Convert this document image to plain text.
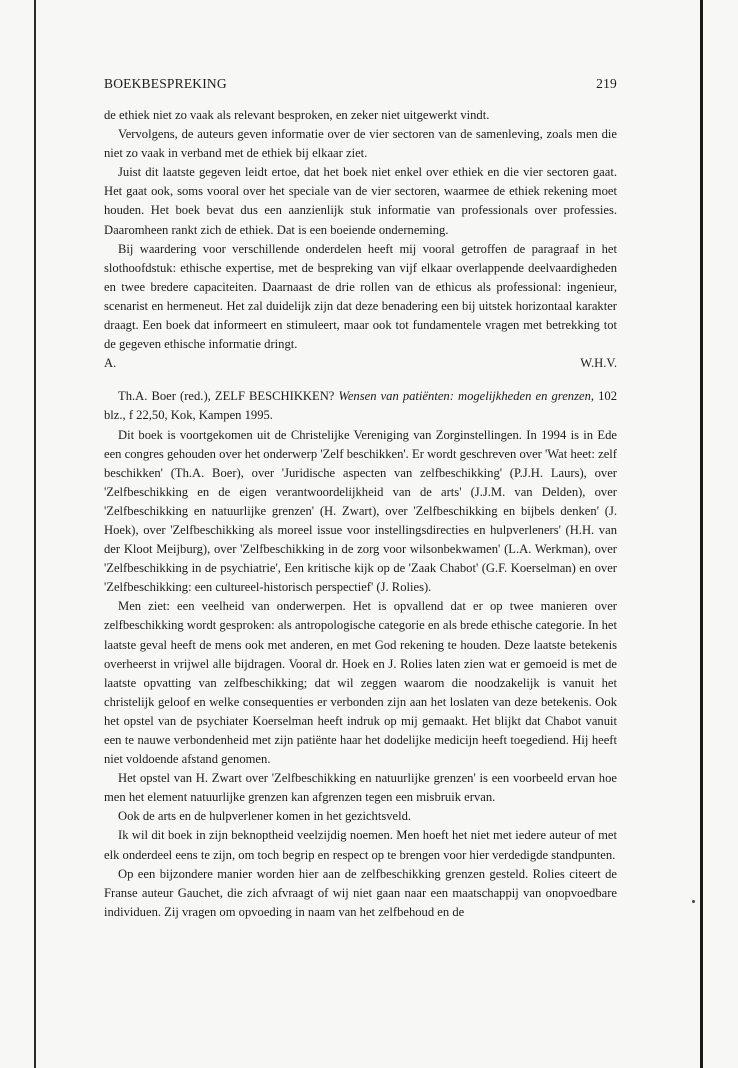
BOEKBESPREKING	219

de ethiek niet zo vaak als relevant besproken, en zeker niet uitgewerkt vindt.

Vervolgens, de auteurs geven informatie over de vier sectoren van de samenleving, zoals men die niet zo vaak in verband met de ethiek bij elkaar ziet.

Juist dit laatste gegeven leidt ertoe, dat het boek niet enkel over ethiek en die vier sectoren gaat. Het gaat ook, soms vooral over het speciale van de vier sectoren, waarmee de ethiek rekening moet houden. Het boek bevat dus een aanzienlijk stuk informatie van professionals over professies. Daaromheen rankt zich de ethiek. Dat is een boeiende onderneming.

Bij waardering voor verschillende onderdelen heeft mij vooral getroffen de paragraaf in het slothoofdstuk: ethische expertise, met de bespreking van vijf elkaar overlappende deelvaardigheden en twee bredere capaciteiten. Daarnaast de drie rollen van de ethicus als professional: ingenieur, scenarist en hermeneut. Het zal duidelijk zijn dat deze benadering een bij uitstek horizontaal karakter draagt. Een boek dat informeert en stimuleert, maar ook tot fundamentele vragen met betrekking tot de gegeven ethische informatie dringt.

A.	W.H.V.

Th.A. Boer (red.), ZELF BESCHIKKEN? Wensen van patiënten: mogelijkheden en grenzen, 102 blz., f 22,50, Kok, Kampen 1995.

Dit boek is voortgekomen uit de Christelijke Vereniging van Zorginstellingen. In 1994 is in Ede een congres gehouden over het onderwerp 'Zelf beschikken'. Er wordt geschreven over 'Wat heet: zelf beschikken' (Th.A. Boer), over 'Juridische aspecten van zelfbeschikking' (P.J.H. Laurs), over 'Zelfbeschikking en de eigen verantwoordelijkheid van de arts' (J.J.M. van Delden), over 'Zelfbeschikking en natuurlijke grenzen' (H. Zwart), over 'Zelfbeschikking en bijbels denken' (J. Hoek), over 'Zelfbeschikking als moreel issue voor instellingsdirecties en hulpverleners' (H.H. van der Kloot Meijburg), over 'Zelfbeschikking in de zorg voor wilsonbekwamen' (L.A. Werkman), over 'Zelfbeschikking in de psychiatrie', Een kritische kijk op de 'Zaak Chabot' (G.F. Koerselman) en over 'Zelfbeschikking: een cultureel-historisch perspectief' (J. Rolies).

Men ziet: een veelheid van onderwerpen. Het is opvallend dat er op twee manieren over zelfbeschikking wordt gesproken: als antropologische categorie en als brede ethische categorie. In het laatste geval heeft de mens ook met anderen, en met God rekening te houden. Deze laatste betekenis overheerst in vrijwel alle bijdragen. Vooral dr. Hoek en J. Rolies laten zien wat er gemoeid is met de laatste opvatting van zelfbeschikking; dat wil zeggen waarom die noodzakelijk is vanuit het christelijk geloof en welke consequenties er verbonden zijn aan het loslaten van deze betekenis. Ook het opstel van de psychiater Koerselman heeft indruk op mij gemaakt. Het blijkt dat Chabot vanuit een te nauwe verbondenheid met zijn patiënte haar het dodelijke medicijn heeft toegediend. Hij heeft niet voldoende afstand genomen.

Het opstel van H. Zwart over 'Zelfbeschikking en natuurlijke grenzen' is een voorbeeld ervan hoe men het element natuurlijke grenzen kan afgrenzen tegen een misbruik ervan.

Ook de arts en de hulpverlener komen in het gezichtsveld.

Ik wil dit boek in zijn beknoptheid veelzijdig noemen. Men hoeft het niet met iedere auteur of met elk onderdeel eens te zijn, om toch begrip en respect op te brengen voor hier verdedigde standpunten.

Op een bijzondere manier worden hier aan de zelfbeschikking grenzen gesteld. Rolies citeert de Franse auteur Gauchet, die zich afvraagt of wij niet gaan naar een maatschappij van onopvoedbare individuen. Zij vragen om opvoeding in naam van het zelfbehoud en de
